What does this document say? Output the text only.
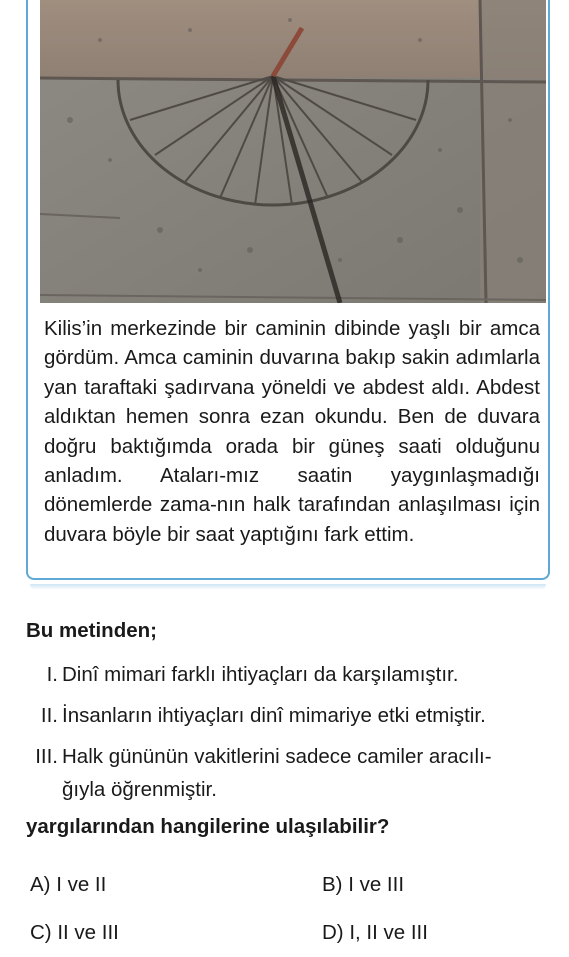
Kilis’in merkezinde bir caminin dibinde yaşlı bir amca gördüm. Amca caminin duvarına bakıp sakin adımlarla yan taraftaki şadırvana yöneldi ve abdest aldı. Abdest aldıktan hemen sonra ezan okundu. Ben de duvara doğru baktığımda orada bir güneş saati olduğunu anladım. Ataları-mız saatin yaygınlaşmadığı dönemlerde zama-nın halk tarafından anlaşılması için duvara böyle bir saat yaptığını fark ettim.

Bu metinden;

I. Dinî mimari farklı ihtiyaçları da karşılamıştır.
II. İnsanların ihtiyaçları dinî mimariye etki etmiştir.
III. Halk gününün vakitlerini sadece camiler aracılı-
ğıyla öğrenmiştir.

yargılarından hangilerine ulaşılabilir?

A) I ve II	B) I ve III
C) II ve III	D) I, II ve III
